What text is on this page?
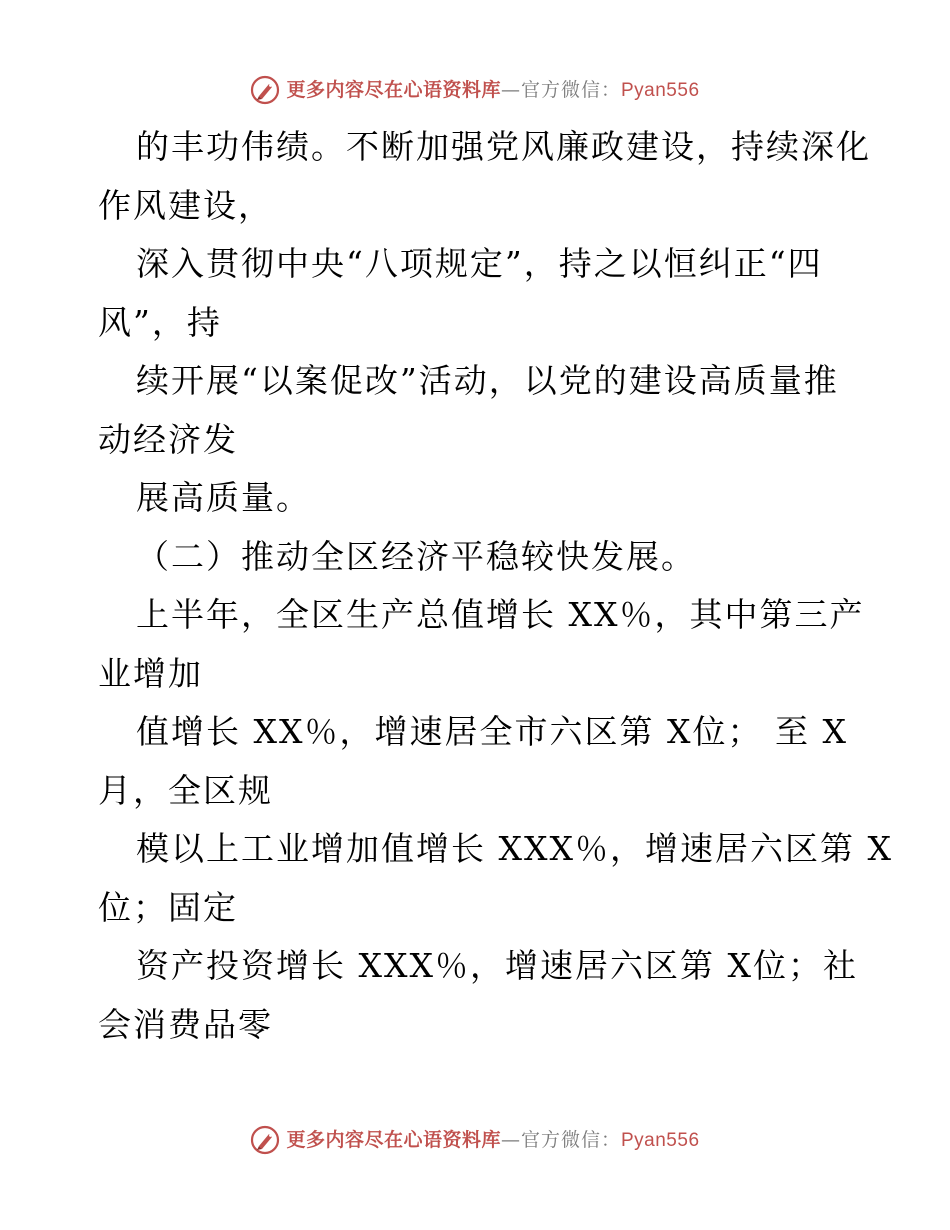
更多内容尽在心语资料库 —官方微信： Pyan556
的丰功伟绩。不断加强党风廉政建设，持续深化
作风建设，
深入贯彻中央“八项规定”，持之以恒纠正“四
风”，持
续开展“以案促改”活动，以党的建设高质量推
动经济发
展高质量。
（二）推动全区经济平稳较快发展。
上半年，全区生产总值增长 XX％，其中第三产
业增加
值增长 XX％，增速居全市六区第 X位； 至 X
月，全区规
模以上工业增加值增长 XXX％，增速居六区第 X
位；固定
资产投资增长 XXX％，增速居六区第 X位；社
会消费品零
更多内容尽在心语资料库 —官方微信： Pyan556
